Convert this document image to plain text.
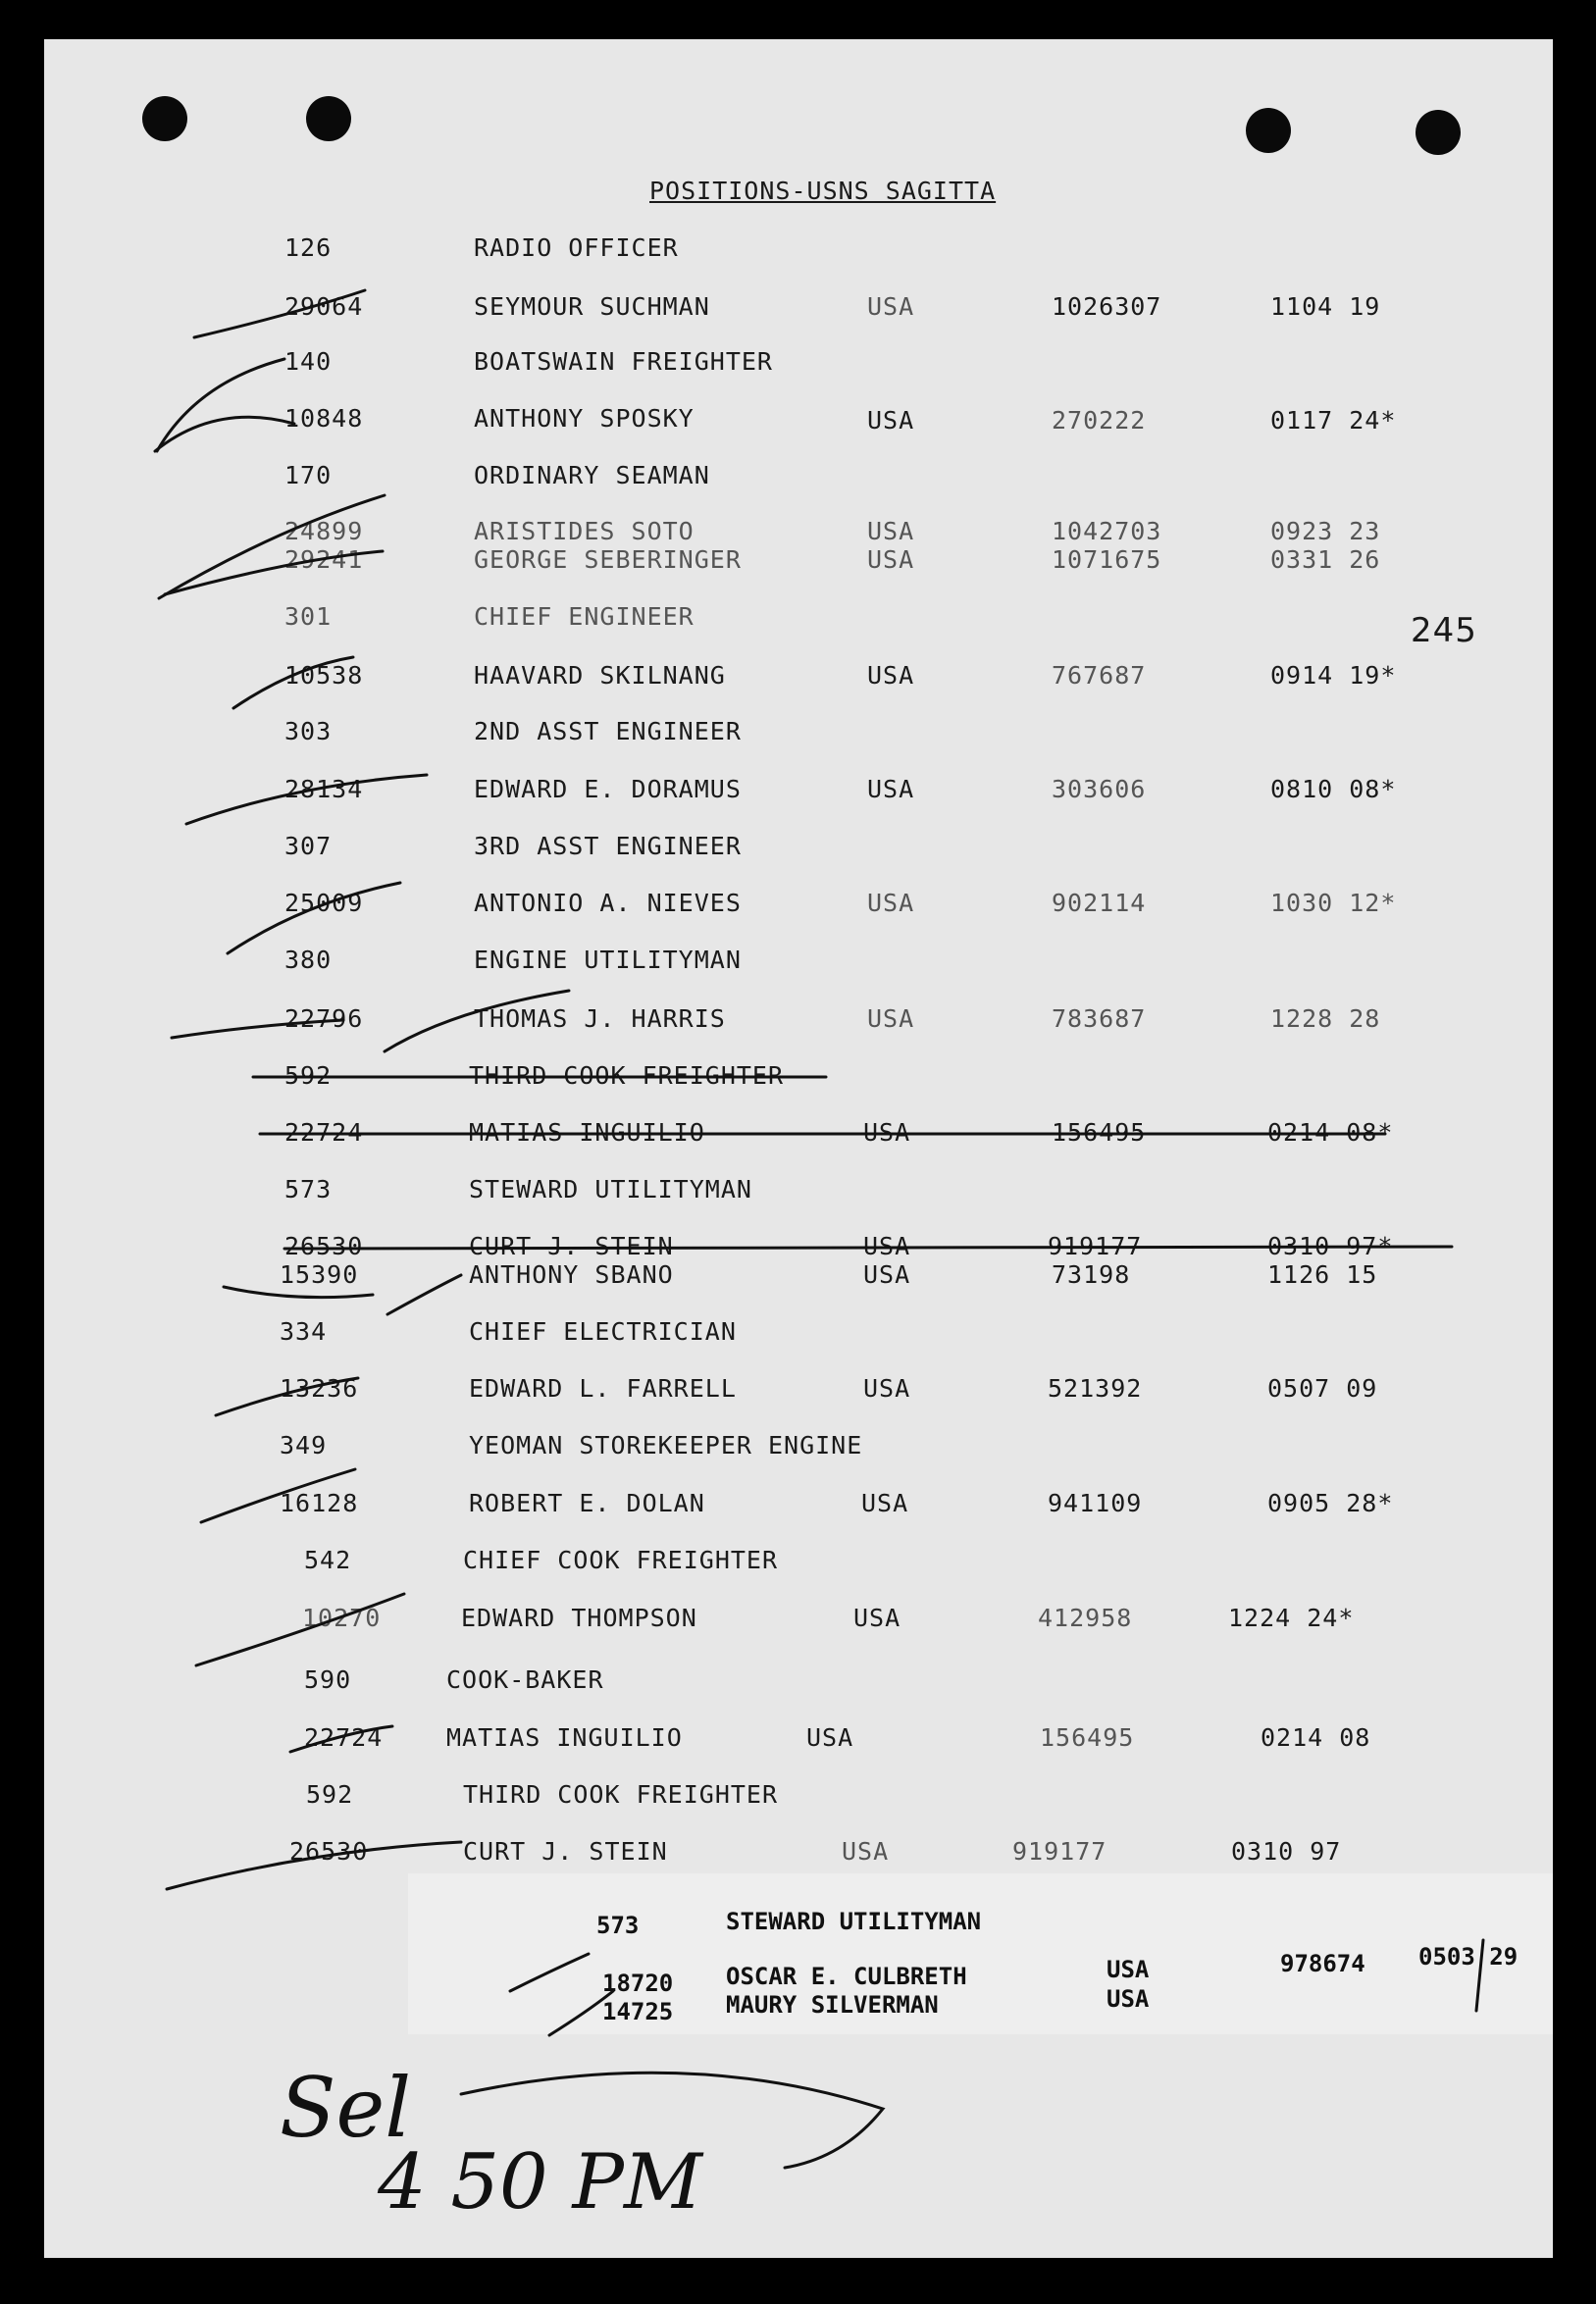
POSITIONS-USNS SAGITTA
245
126	RADIO OFFICER
29064	SEYMOUR SUCHMAN	USA	1026307	1104 19
140	BOATSWAIN FREIGHTER
10848	ANTHONY SPOSKY	USA	270222	0117 24*
170	ORDINARY SEAMAN
24899	ARISTIDES SOTO	USA	1042703	0923 23
29241	GEORGE SEBERINGER	USA	1071675	0331 26
301	CHIEF ENGINEER
10538	HAAVARD SKILNANG	USA	767687	0914 19*
303	2ND ASST ENGINEER
28134	EDWARD E. DORAMUS	USA	303606	0810 08*
307	3RD ASST ENGINEER
25009	ANTONIO A. NIEVES	USA	902114	1030 12*
380	ENGINE UTILITYMAN
22796	THOMAS J. HARRIS	USA	783687	1228 28
592	THIRD COOK FREIGHTER
22724	MATIAS INGUILIO	USA	156495	0214 08*
573	STEWARD UTILITYMAN
26530	CURT J. STEIN	USA	919177	0310 97*
15390	ANTHONY SBANO	USA	73198	1126 15
334	CHIEF ELECTRICIAN
13236	EDWARD L. FARRELL	USA	521392	0507 09
349	YEOMAN STOREKEEPER ENGINE
16128	ROBERT E. DOLAN	USA	941109	0905 28*
542	CHIEF COOK FREIGHTER
10270	EDWARD THOMPSON	USA	412958	1224 24*
590	COOK-BAKER
22724	MATIAS INGUILIO	USA	156495	0214 08
592	THIRD COOK FREIGHTER
26530	CURT J. STEIN	USA	919177	0310 97
573	STEWARD UTILITYMAN
18720 OSCAR E. CULBRETH	USA	978674 0503 29
14725 MAURY SILVERMAN	USA
Sel
4 50 PM
